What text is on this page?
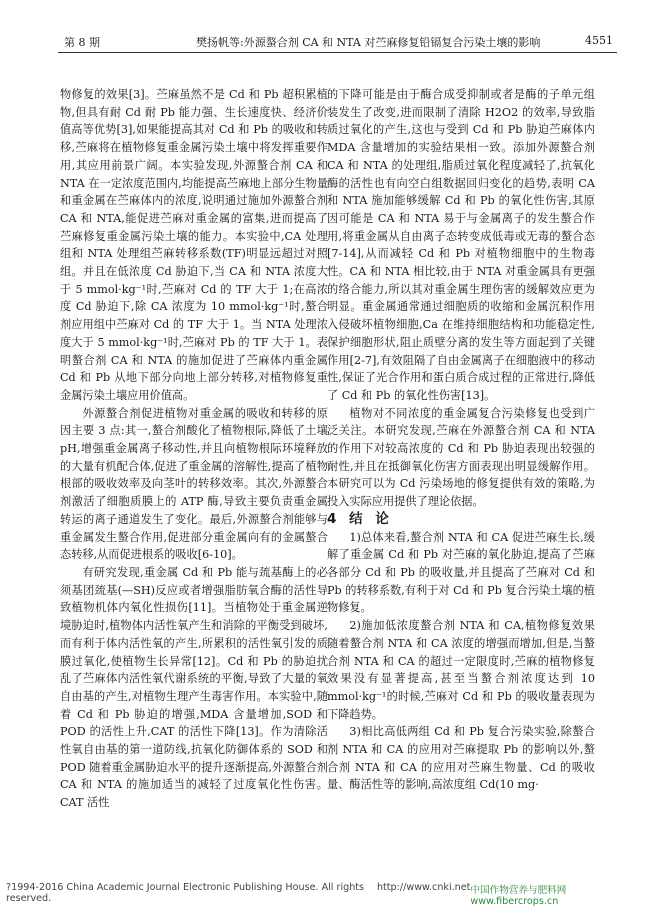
第 8 期	樊扬帆等:外源螯合剂 CA 和 NTA 对苎麻修复铅镉复合污染土壤的影响	4551

物修复的效果[3]。苎麻虽然不是 Cd 和 Pb 超积累植物,但具有耐 Cd 耐 Pb 能力强、生长速度快、经济价值高等优势[3],如果能提高其对 Cd 和 Pb 的吸收和转移,苎麻将在植物修复重金属污染土壤中将发挥重要作用,其应用前景广阔。本实验发现,外源螯合剂 CA 和 NTA 在一定浓度范围内,均能提高苎麻地上部分生物量和重金属在苎麻体内的浓度,说明通过施加外源螯合剂 CA 和 NTA,能促进苎麻对重金属的富集,进而提高了苎麻修复重金属污染土壤的能力。本实验中,CA 处理组和 NTA 处理组苎麻转移系数(TF)明显远超过对照组。并且在低浓度 Cd 胁迫下,当 CA 和 NTA 浓度大于 5 mmol·kg⁻¹时,苎麻对 Cd 的 TF 大于 1;在高浓度 Cd 胁迫下,除 CA 浓度为 10 mmol·kg⁻¹时,螯合剂应用组中苎麻对 Cd 的 TF 大于 1。当 NTA 处理浓度大于 5 mmol·kg⁻¹时,苎麻对 Pb 的 TF 大于 1。表明螯合剂 CA 和 NTA 的施加促进了苎麻体内重金属 Cd 和 Pb 从地下部分向地上部分转移,对植物修复重金属污染土壤应用价值高。

外源螯合剂促进植物对重金属的吸收和转移的原因主要 3 点:其一,螯合剂酸化了植物根际,降低了土壤 pH,增强重金属离子移动性,并且向植物根际环境释放的大量有机配合体,促进了重金属的溶解性,提高了植物根部的吸收效率及向茎叶的转移效率。其次,外源螯合剂激活了细胞质膜上的 ATP 酶,导致主要负责重金属转运的离子通道发生了变化。最后,外源螯合剂能够与重金属发生螯合作用,促进部分重金属向有的金属螯合态转移,从而促进根系的吸收[6-10]。

有研究发现,重金属 Cd 和 Pb 能与巯基酶上的必须基团巯基(—SH)反应或者增强脂肪氧合酶的活性导致植物机体内氧化性损伤[11]。当植物处于重金属逆境胁迫时,植物体内活性氧产生和消除的平衡受到破坏,而有利于体内活性氧的产生,所累积的活性氧引发的质膜过氧化,使植物生长异常[12]。Cd 和 Pb 的胁迫扰乱了苎麻体内活性氧代谢系统的平衡,导致了大量的氧自由基的产生,对植物生理产生毒害作用。本实验中,随着 Cd 和 Pb 胁迫的增强,MDA 含量增加,SOD 和 POD 的活性上升,CAT 的活性下降[13]。作为清除活性氧自由基的第一道防线,抗氧化防御体系的 SOD 和 POD 随着重金属胁迫水平的提升逐渐提高,外源螯合剂 CA 和 NTA 的施加适当的减轻了过度氧化性伤害。CAT 活性

的下降可能是由于酶合成受抑制或者是酶的子单元组装发生了改变,进而限制了清除 H2O2 的效率,导致脂质过氧化的产生,这也与受到 Cd 和 Pb 胁迫苎麻体内 MDA 含量增加的实验结果相一致。添加外源螯合剂 CA 和 NTA 的处理组,脂质过氧化程度减轻了,抗氧化酶的活性也有向空白组数据回归变化的趋势,表明 CA 和 NTA 施加能够缓解 Cd 和 Pb 的氧化性伤害,其原因可能是 CA 和 NTA 易于与金属离子的发生螯合作用,将重金属从自由离子态转变成低毒或无毒的螯合态[7-14],从而减轻 Cd 和 Pb 对植物细胞中的生物毒性。CA 和 NTA 相比较,由于 NTA 对重金属具有更强的络合能力,所以其对重金属生理伤害的缓解效应更为明显。重金属通常通过细胞质的收缩和金属沉积作用入侵破坏植物细胞,Ca 在维持细胞结构和功能稳定性,保护细胞形状,阻止质壁分离的发生等方面起到了关键作用[2-7],有效阻隔了自由金属离子在细胞液中的移动性,保证了光合作用和蛋白质合成过程的正常进行,降低了 Cd 和 Pb 的氧化性伤害[13]。

植物对不同浓度的重金属复合污染修复也受到广泛关注。本研究发现,苎麻在外源螯合剂 CA 和 NTA 的作用下对较高浓度的 Cd 和 Pb 胁迫表现出较强的耐性,并且在抵御氧化伤害方面表现出明显缓解作用。本研究可以为 Cd 污染场地的修复提供有效的策略,为投入实际应用提供了理论依据。

4 结 论

1)总体来看,螯合剂 NTA 和 CA 促进苎麻生长,缓解了重金属 Cd 和 Pb 对苎麻的氧化胁迫,提高了苎麻各部分 Cd 和 Pb 的吸收量,并且提高了苎麻对 Cd 和 Pb 的转移系数,有利于对 Cd 和 Pb 复合污染土壤的植物修复。

2)施加低浓度螯合剂 NTA 和 CA,植物修复效果随着螯合剂 NTA 和 CA 浓度的增强而增加,但是,当螯合剂 NTA 和 CA 的超过一定限度时,苎麻的植物修复效果没有显著提高,甚至当螯合剂浓度达到 10 mmol·kg⁻¹的时候,苎麻对 Cd 和 Pb 的吸收量表现为下降趋势。

3)相比高低两组 Cd 和 Pb 复合污染实验,除螯合剂 NTA 和 CA 的应用对苎麻提取 Pb 的影响以外,螯合剂 NTA 和 CA 的应用对苎麻生物量、Cd 的吸收量、酶活性等的影响,高浓度组 Cd(10 mg·

?1994-2016 China Academic Journal Electronic Publishing House. All rights reserved.
http://www.cnki.net 中国作物营养与肥料网 www.fibercrops.cn
